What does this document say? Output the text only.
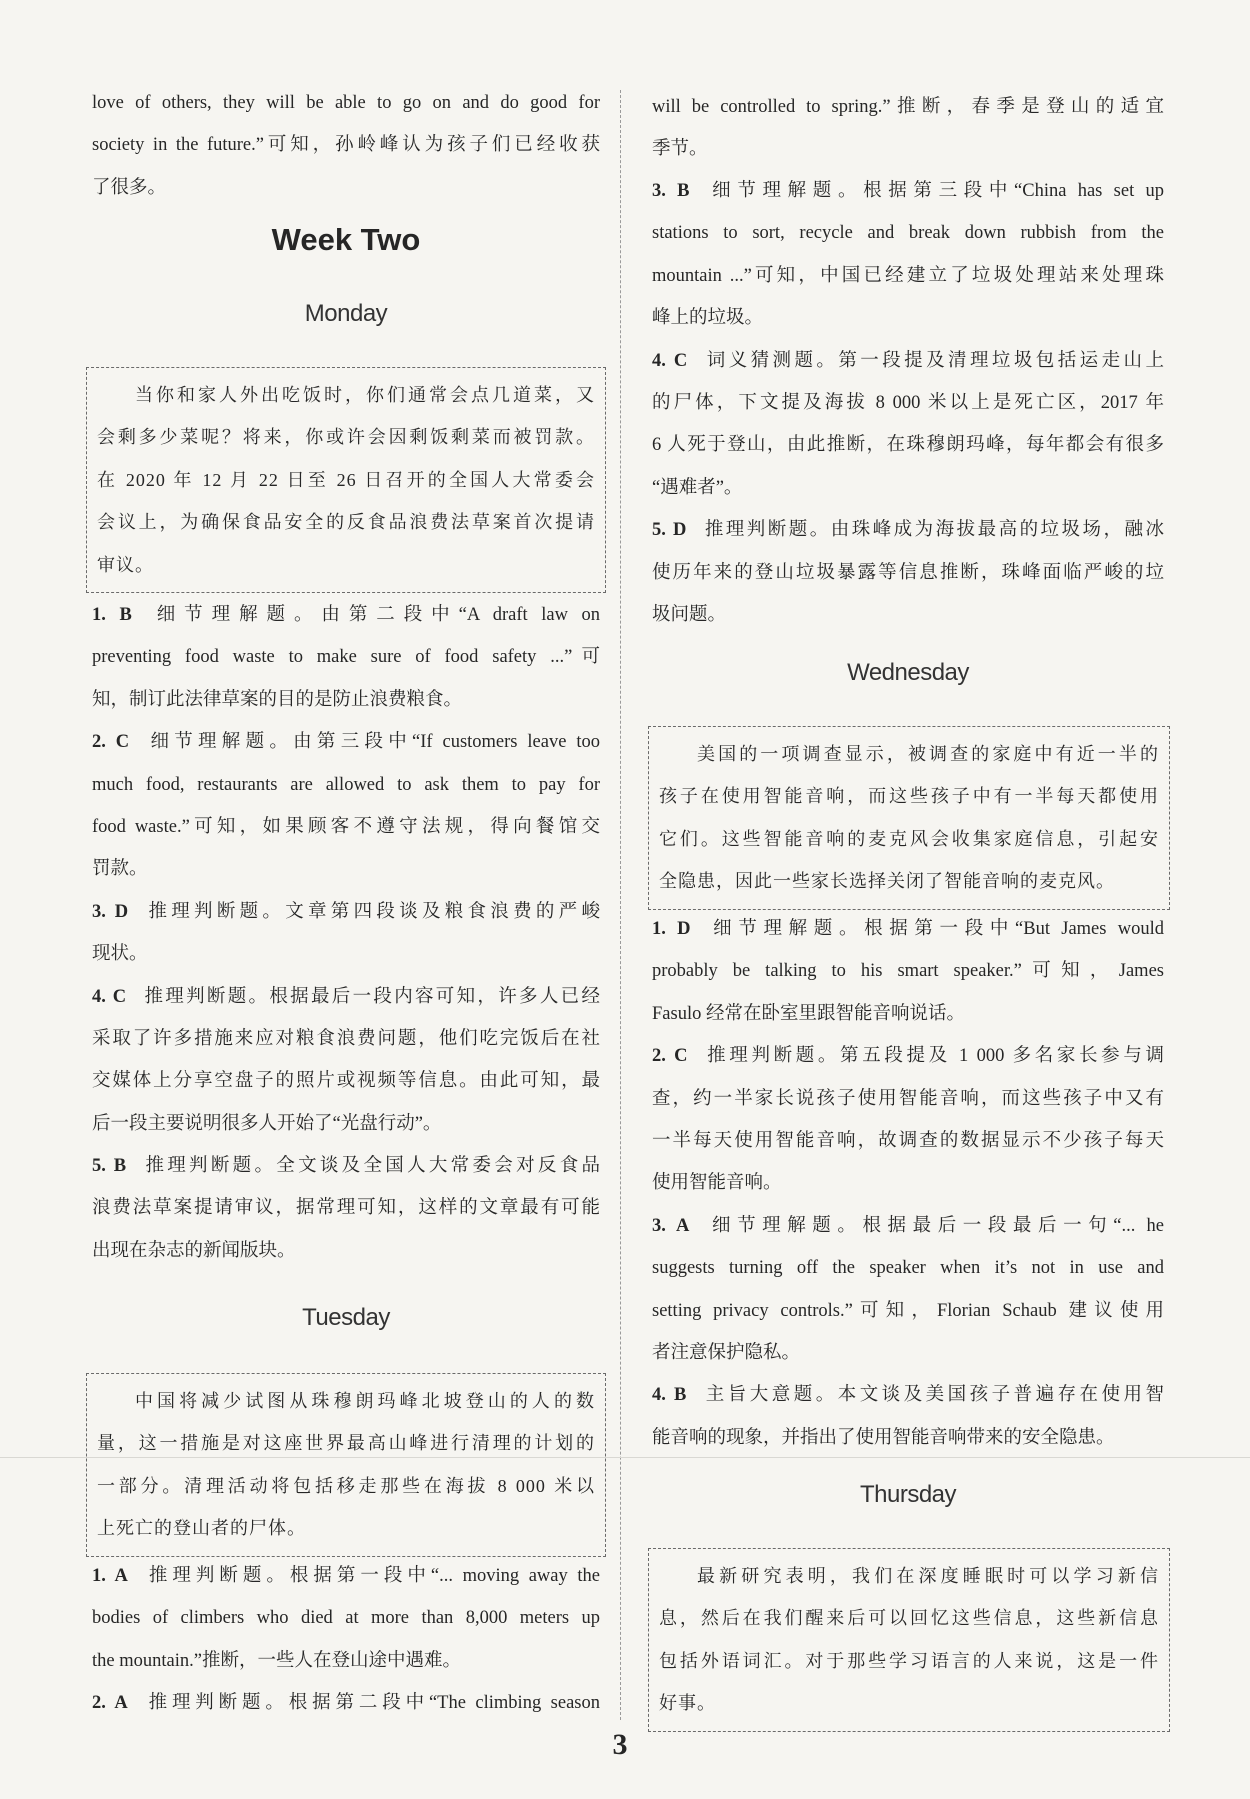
love of others, they will be able to go on and do good for
society in the future.”可知，孙岭峰认为孩子们已经收获
了很多。
Week Two
Monday
当你和家人外出吃饭时，你们通常会点几道菜，又
会剩多少菜呢？将来，你或许会因剩饭剩菜而被罚款。
在 2020 年 12 月 22 日至 26 日召开的全国人大常委会
会议上，为确保食品安全的反食品浪费法草案首次提请
审议。
1. B 细节理解题。由第二段中“A draft law on
preventing food waste to make sure of food safety ...”可
知，制订此法律草案的目的是防止浪费粮食。
2. C 细节理解题。由第三段中“If customers leave too
much food, restaurants are allowed to ask them to pay for
food waste.”可知，如果顾客不遵守法规，得向餐馆交
罚款。
3. D 推理判断题。文章第四段谈及粮食浪费的严峻
现状。
4. C 推理判断题。根据最后一段内容可知，许多人已经
采取了许多措施来应对粮食浪费问题，他们吃完饭后在社
交媒体上分享空盘子的照片或视频等信息。由此可知，最
后一段主要说明很多人开始了“光盘行动”。
5. B 推理判断题。全文谈及全国人大常委会对反食品
浪费法草案提请审议，据常理可知，这样的文章最有可能
出现在杂志的新闻版块。
Tuesday
中国将减少试图从珠穆朗玛峰北坡登山的人的数
量，这一措施是对这座世界最高山峰进行清理的计划的
一部分。清理活动将包括移走那些在海拔 8 000 米以
上死亡的登山者的尸体。
1. A 推理判断题。根据第一段中“... moving away the
bodies of climbers who died at more than 8,000 meters up
the mountain.”推断，一些人在登山途中遇难。
2. A 推理判断题。根据第二段中“The climbing season
will be controlled to spring.”推断，春季是登山的适宜
季节。
3. B 细节理解题。根据第三段中“China has set up
stations to sort, recycle and break down rubbish from the
mountain ...”可知，中国已经建立了垃圾处理站来处理珠
峰上的垃圾。
4. C 词义猜测题。第一段提及清理垃圾包括运走山上
的尸体，下文提及海拔 8 000 米以上是死亡区，2017 年
6 人死于登山，由此推断，在珠穆朗玛峰，每年都会有很多
“遇难者”。
5. D 推理判断题。由珠峰成为海拔最高的垃圾场，融冰
使历年来的登山垃圾暴露等信息推断，珠峰面临严峻的垃
圾问题。
Wednesday
美国的一项调查显示，被调查的家庭中有近一半的
孩子在使用智能音响，而这些孩子中有一半每天都使用
它们。这些智能音响的麦克风会收集家庭信息，引起安
全隐患，因此一些家长选择关闭了智能音响的麦克风。
1. D 细节理解题。根据第一段中“But James would
probably be talking to his smart speaker.”可知，James
Fasulo 经常在卧室里跟智能音响说话。
2. C 推理判断题。第五段提及 1 000 多名家长参与调
查，约一半家长说孩子使用智能音响，而这些孩子中又有
一半每天使用智能音响，故调查的数据显示不少孩子每天
使用智能音响。
3. A 细节理解题。根据最后一段最后一句“... he
suggests turning off the speaker when it’s not in use and
setting privacy controls.”可知，Florian Schaub 建议使用
者注意保护隐私。
4. B 主旨大意题。本文谈及美国孩子普遍存在使用智
能音响的现象，并指出了使用智能音响带来的安全隐患。
Thursday
最新研究表明，我们在深度睡眠时可以学习新信
息，然后在我们醒来后可以回忆这些信息，这些新信息
包括外语词汇。对于那些学习语言的人来说，这是一件
好事。
3
